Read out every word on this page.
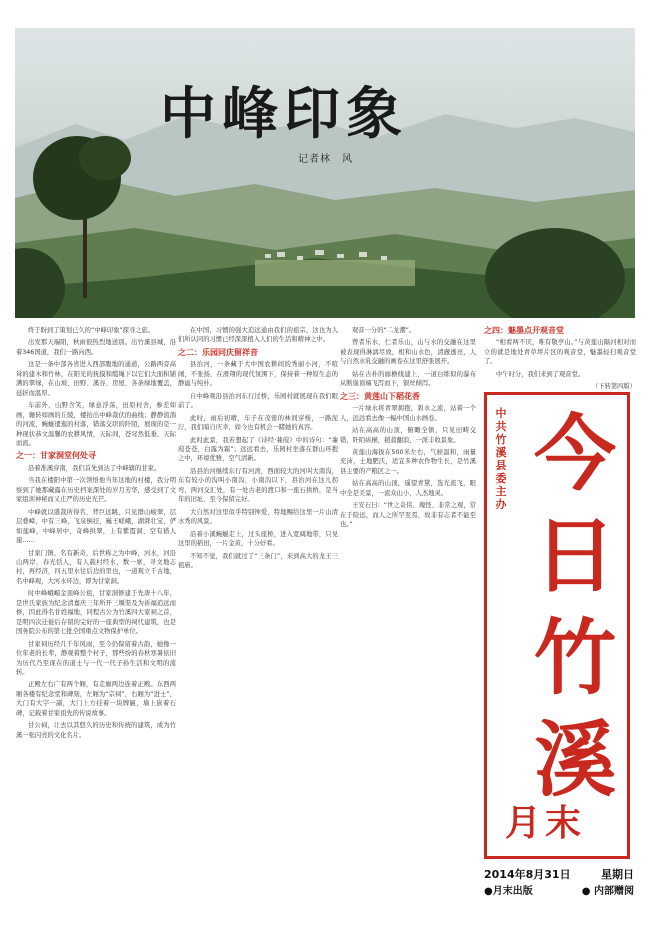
中峰印象
记者林　风

终于盼到了策划已久的“中峰印象”探寻之旅。

出发那天端阳，秋雨很热烈地送别。出竹溪县城，沿着346国道，我们一路向西。

这是一条中部各省进入西部腹地的通道，公路两旁高耸的建木和竹林，在阳光的抚摸和缆绳下以它们大面积铺满的翠绿，在山坡、田野、溪谷、房屋、各条绿地覆盖，延折而温厚。

车前外，山野含笑，绿意浮荡，田原村舍，参差如画，辗转如画的丘陵，楼抬出中峰裁伏的曲线；静静流淌的河流，蜿蜒逶迤的村落，错落交织的阡陌，展现的是一种现状恭文温馨的农耕风情，天际间，苍穹然低垂，天际而流。

之一：甘家洞堂何处寻

沿着淮溪穿南，我们首先到达了中峰辖的甘家。

当我在楼阳中第一次领悟他当年这地的村楼，我分明察到了她那藏露在历史档案深处的岁月芳华，感受到了文家组训神秘而又庄严的历史光芒。

中峰就以盛裁所得名，背巨远眺，只见群山峻翠，层层叠嶂，中有三峰，飞泉倒挂，巍王嵯峨，湖湃壮宝，俨如莲峰，中峰居中，奇峰拱翠，上有紫霞洞、空有猎人崖……

甘家门镇、名有新奇，后世称之为中峰，河水，河沿山两岸，春光恬人，有人载村经水，数一席，寻文地志村，再经济，四五里水往后边的里也，一道观立千古地，名中峰观，大河水环边，即为甘家洞。

时中峰峨嵋金顶峰公祖，甘家洞修建于先唐十八年，是世氏家族为纪念清嘉庆三年所开三堰渠及为祈福追远而修，因此得名甘姓福地，同程古公为竹溪四大家祠之首，是明四次迁徙后存留的完好的一座典型的祠代建筑，也是国务院公布的第七批全国重点文物保护单位。

甘家祠历经几千年风雨，至今仍保留着古韵，她像一位年老的长辈，静观着整个村子，那些纷的春秋寒暑依旧为历代乃至现在的道士与一代一代子孙生活和文明的流转。

正殿左右广有两个厢，有走廊两边连着正殿。东西两厢各楼有纪念堂和碑刻，左厢为“宗祠”，右厢为“进士”，大门有大字一副，大门上方挂着一块牌匾，墙上嵌着石碑，记载着甘家祖先的传说故事。

甘公祠，让去以其悠久的历史和传统的建筑，成为竹溪一张闪亮的文化名片。

在中国，习惯的强大追远通由我们的祖宗，这也为人们所认同的习惯已经深深植入人们的生活和精神之中。

之二：乐园同庆留祥音

县治河，一条藏于大中国农耕间的秀丽小河，不喧闹，不张扬，在滑翔的现代氛围下，保持着一种原生态的静谧与纯朴。

自中峰观沿县治河东行过桥，乐园村就展现在我们眼前了。

此时，雨后初晴，车子在茂密的林间穿梭，一路泥泞，我们暗自庆幸，如今也有机会一睹她的真容。

此时此景，我若想起了《诗经·蒹葭》中的诗句：“蒹葭苍苍，白露为霜”；远远看去，乐园村坐落在群山环抱之中，环境优雅，空气清新。

沿县治河继续东行有河湾，西面较大的河叫大南沟，东有较小的沟叫小南沟，小南沟以下，县治河在这儿拐弯，两河交汇处，有一处古老的渡口和一座石拱桥，是当年的旧址，至今保留完好。

大自然对这里似乎特别钟爱，特地赐给这里一片山清水秀的风景。

沿着小溪蜿蜒走上，过头座桥，进入宽阔地带，只见这里的稻田，一片金黄，十分好看。

不知不觉，我们就过了“三条门”，来到高大的龙王三祖庙。

观音一分的“二龙潮”。

曾者乐水，仁者乐山，山与水的交融在这里被表现得淋漓尽致，相和山水色，清澈透亮，人与自然水乳交融的画卷在这里舒张展开。

姑在古朴的廊檐线建上，一道白练似的瀑布从断崖顶端飞泻而下，银丝倾泻。

之三：黄莲山下稻花香

一片绿水将青翠拥抱，碧水之流，站着一个人，远远看去像一幅中国山水画卷。

站在高高的山顶，俯瞰全镇，只见田畴交错，阡陌纵横，稻菽翻浪，一派丰收景象。

黄莲山海拔在500米左右，气候温和，雨量充沛，土地肥沃，适宜多种农作物生长，是竹溪县主要的产粮区之一。

姑在高高的山顶，遥望青黛，选光流飞，眼中全是美景，一流众山小，人杰地灵。

王安石曰：“世之奇伟、瑰怪、非常之观，常在于险远，而人之所罕至焉，故非有志者不能至也。”

之四：魅墨点开观音堂

“相看两不厌，唯有敬亭山。”与黄莲山隔河相对而立的就是地处青草坪片区的观音堂，魅墨轻扫观音堂了。

中午时分，我们来到了观音堂。

（下转第四版）
中共竹溪县委主办
今日竹溪
月末
2014年8月31日	星期日
●月末出版	● 内部赠阅
